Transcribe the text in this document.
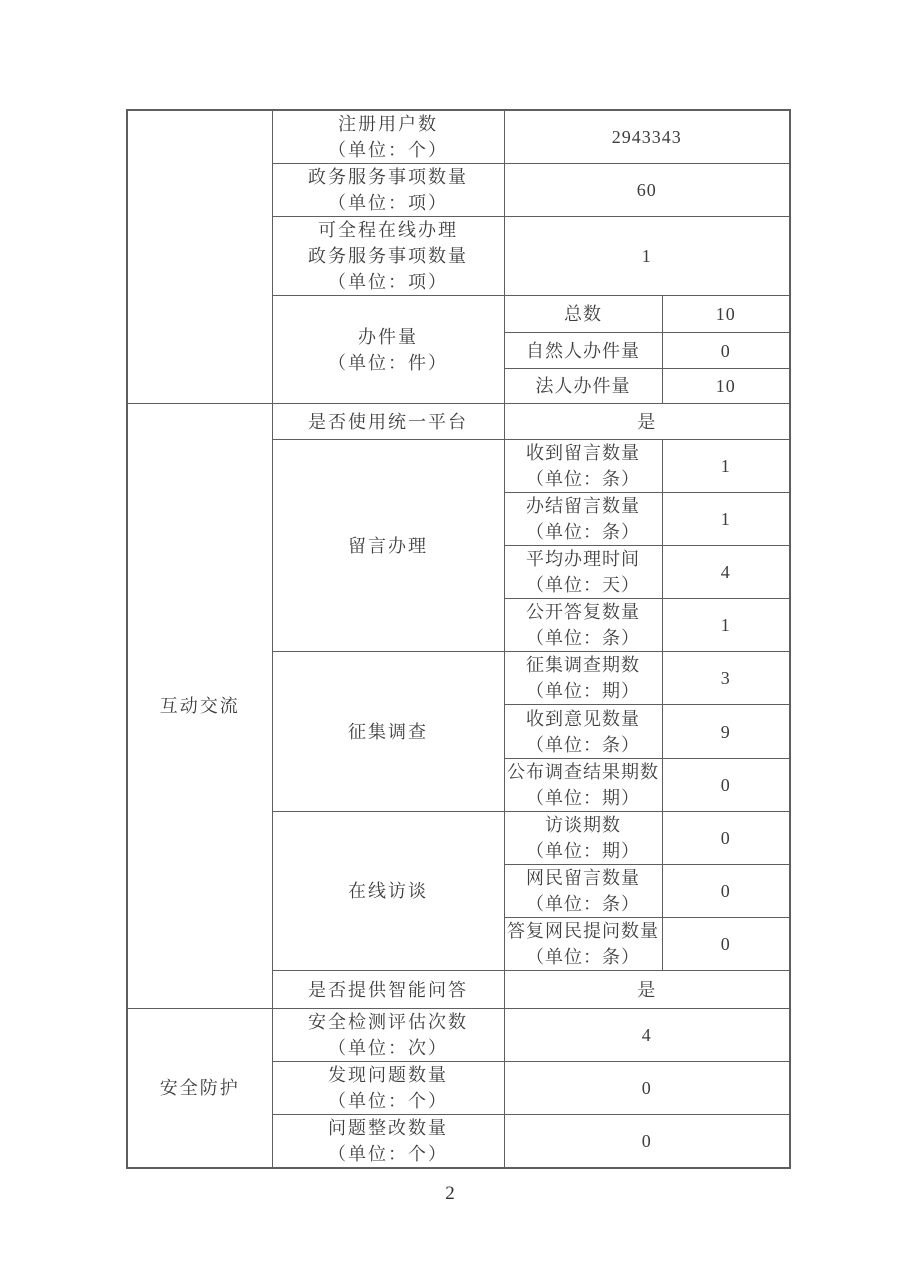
	注册用户数
（单位：个）	2943343	

	政务服务事项数量
（单位：项）	60	

	可全程在线办理
政务服务事项数量
（单位：项）	1	

	办件量
（单位：件）	总数	10
		自然人办件量	0
		法人办件量	10
互动交流	是否使用统一平台	是	
	留言办理	收到留言数量
（单位：条）	1

		办结留言数量
（单位：条）	1

		平均办理时间
（单位：天）	4

		公开答复数量
（单位：条）	1
	征集调查	征集调查期数
（单位：期）	3

		收到意见数量
（单位：条）	9

		公布调查结果期数
（单位：期）	0
	在线访谈	访谈期数
（单位：期）	0

		网民留言数量
（单位：条）	0

		答复网民提问数量
（单位：条）	0
	是否提供智能问答	是	
安全防护	安全检测评估次数
（单位：次）	4	

	发现问题数量
（单位：个）	0	

	问题整改数量
（单位：个）	0	
2
